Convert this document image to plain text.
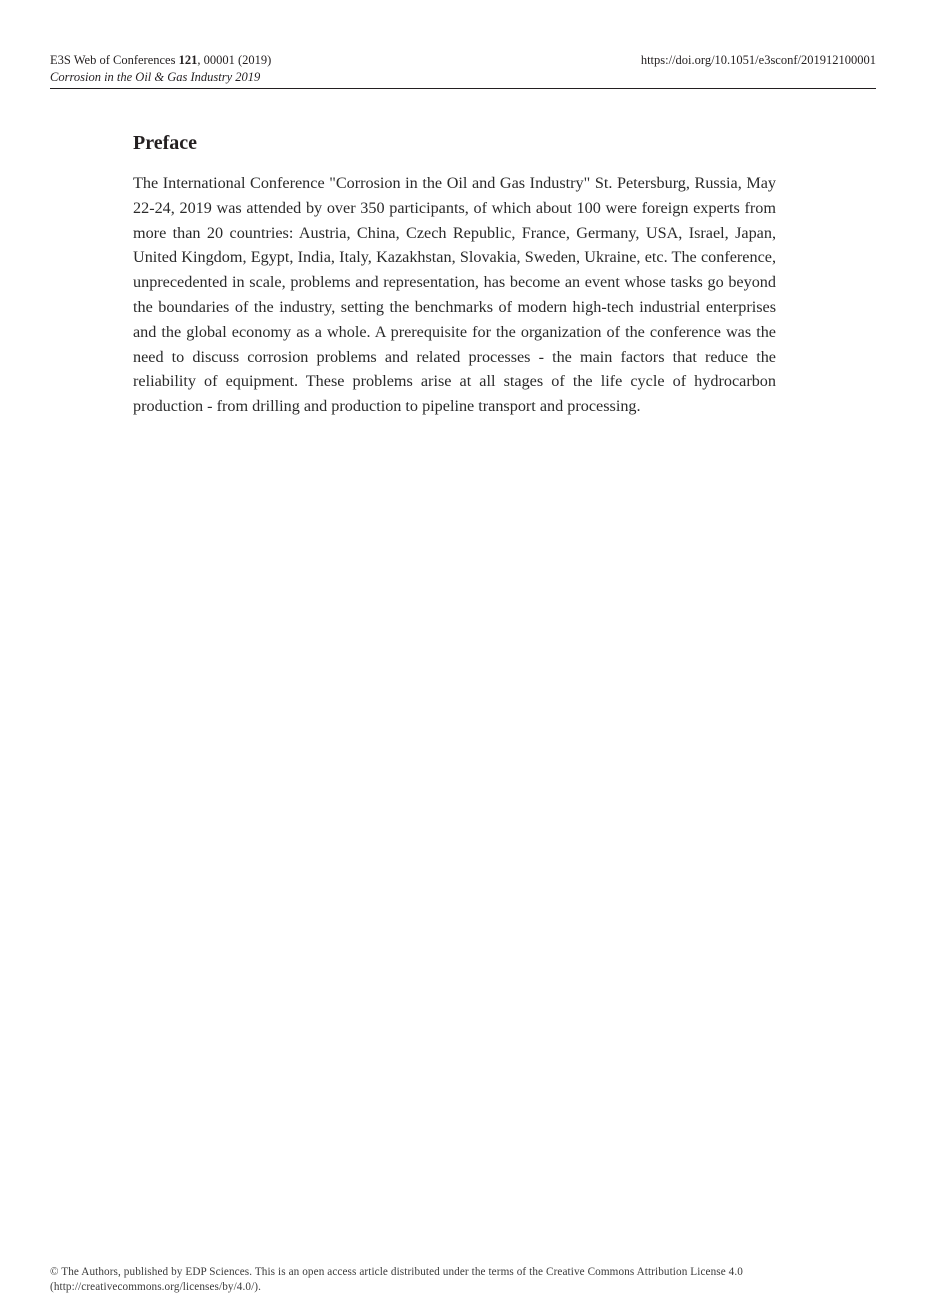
E3S Web of Conferences 121, 00001 (2019)
Corrosion in the Oil & Gas Industry 2019
https://doi.org/10.1051/e3sconf/201912100001
Preface

The International Conference "Corrosion in the Oil and Gas Industry" St. Petersburg, Russia, May 22-24, 2019 was attended by over 350 participants, of which about 100 were foreign experts from more than 20 countries: Austria, China, Czech Republic, France, Germany, USA, Israel, Japan, United Kingdom, Egypt, India, Italy, Kazakhstan, Slovakia, Sweden, Ukraine, etc. The conference, unprecedented in scale, problems and representation, has become an event whose tasks go beyond the boundaries of the industry, setting the benchmarks of modern high-tech industrial enterprises and the global economy as a whole. A prerequisite for the organization of the conference was the need to discuss corrosion problems and related processes - the main factors that reduce the reliability of equipment. These problems arise at all stages of the life cycle of hydrocarbon production - from drilling and production to pipeline transport and processing.

© The Authors, published by EDP Sciences. This is an open access article distributed under the terms of the Creative Commons Attribution License 4.0
(http://creativecommons.org/licenses/by/4.0/).
